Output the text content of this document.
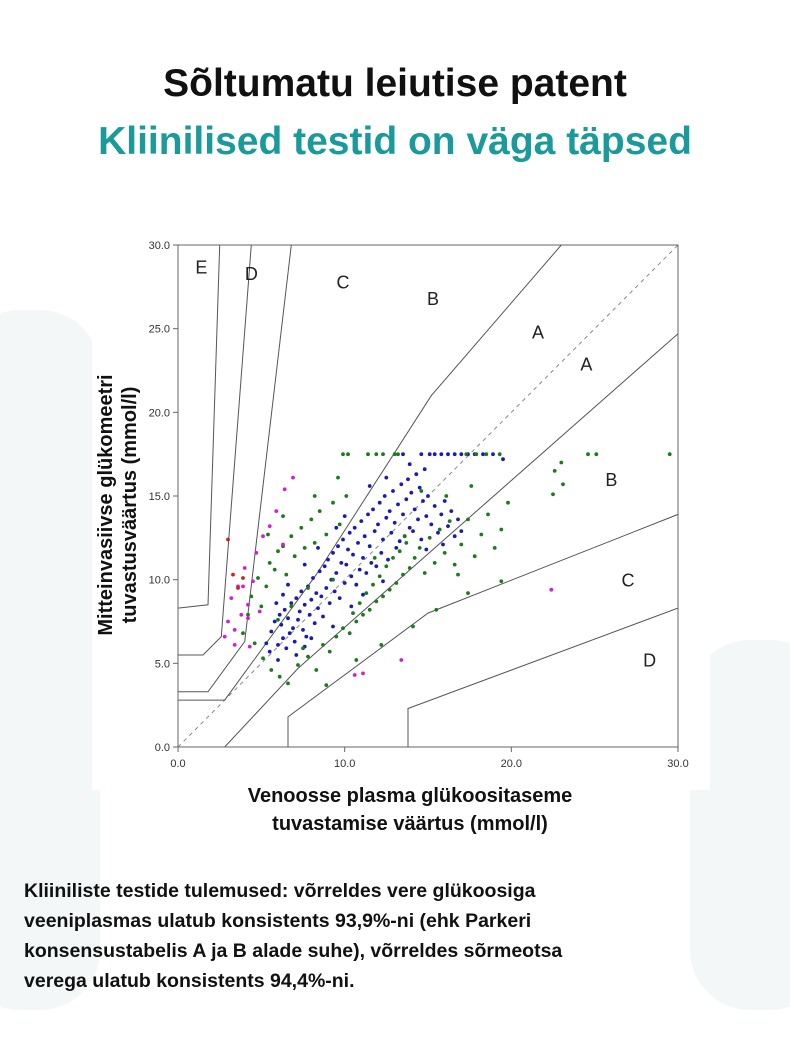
Sõltumatu leiutise patent
Kliinilised testid on väga täpsed
0.0	10.0	20.0	30.0
0.0
5.0
10.0
15.0
20.0
25.0
30.0
E D	C
B
A
A
B
C
D
Mitteinvasiivse glükomeetri tuvastusväärtus (mmol/l)
Venoosse plasma glükoositaseme
tuvastamise väärtus (mmol/l)
Kliiniliste testide tulemused: võrreldes vere glükoosiga
veeniplasmas ulatub konsistents 93,9%-ni (ehk Parkeri
konsensustabelis A ja B alade suhe), võrreldes sõrmeotsa
verega ulatub konsistents 94,4%-ni.
